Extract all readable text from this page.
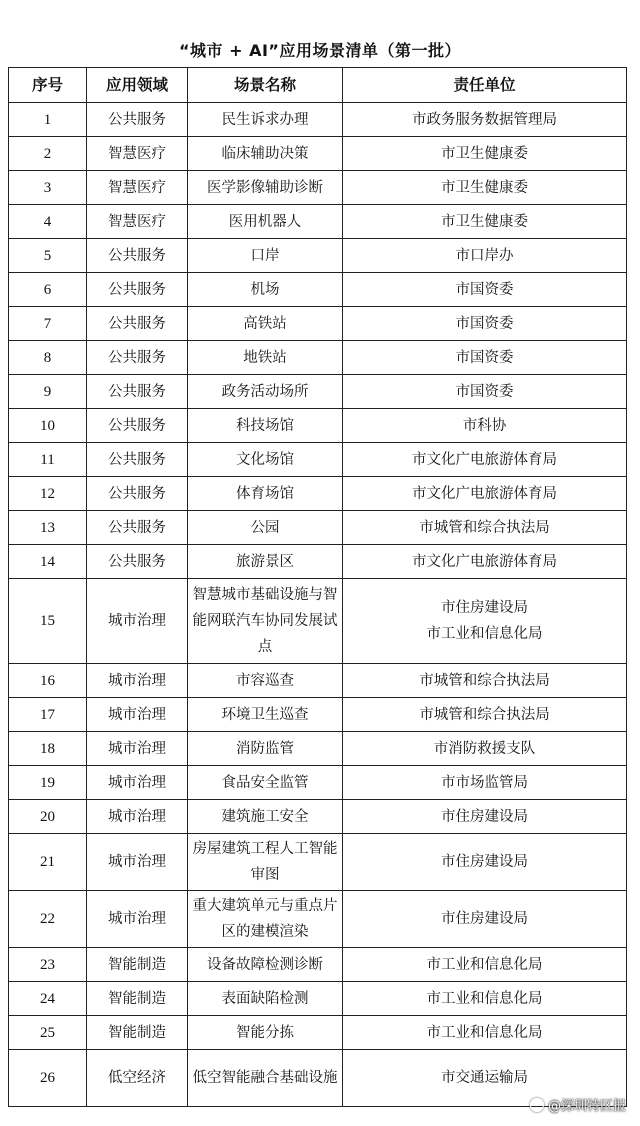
“城市 + AI”应用场景清单（第一批）
序号	应用领域	场景名称	责任单位
1	公共服务	民生诉求办理	市政务服务数据管理局

2	智慧医疗	临床辅助决策	市卫生健康委

3	智慧医疗	医学影像辅助诊断	市卫生健康委

4	智慧医疗	医用机器人	市卫生健康委

5	公共服务	口岸	市口岸办

6	公共服务	机场	市国资委

7	公共服务	高铁站	市国资委

8	公共服务	地铁站	市国资委

9	公共服务	政务活动场所	市国资委

10	公共服务	科技场馆	市科协

11	公共服务	文化场馆	市文化广电旅游体育局

12	公共服务	体育场馆	市文化广电旅游体育局

13	公共服务	公园	市城管和综合执法局

14	公共服务	旅游景区	市文化广电旅游体育局

15	城市治理	智慧城市基础设施与智能网联汽车协同发展试点	市住房建设局
市工业和信息化局

16	城市治理	市容巡查	市城管和综合执法局

17	城市治理	环境卫生巡查	市城管和综合执法局

18	城市治理	消防监管	市消防救援支队

19	城市治理	食品安全监管	市市场监管局

20	城市治理	建筑施工安全	市住房建设局

21	城市治理	房屋建筑工程人工智能审图	市住房建设局

22	城市治理	重大建筑单元与重点片区的建模渲染	市住房建设局

23	智能制造	设备故障检测诊断	市工业和信息化局

24	智能制造	表面缺陷检测	市工业和信息化局

25	智能制造	智能分拣	市工业和信息化局

26	低空经济	低空智能融合基础设施	市交通运输局
@深圳特区报
